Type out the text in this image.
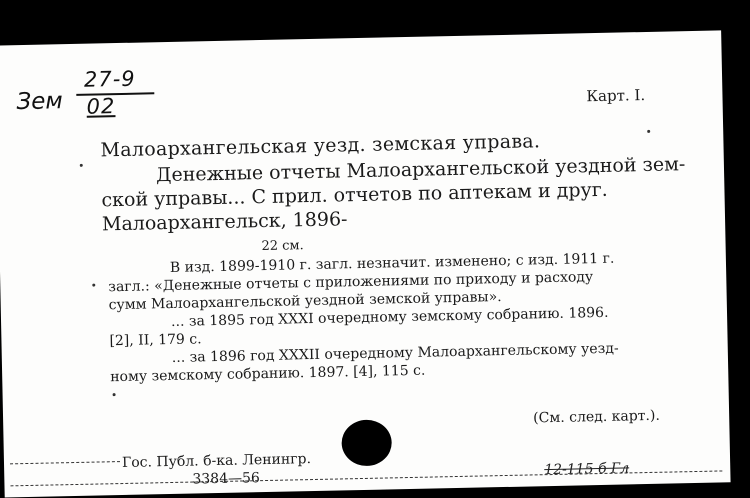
27-9
02
Зем	Карт. I.
Малоархангельская уезд. земская управа.
Денежные отчеты Малоархангельской уездной зем-
ской управы... С прил. отчетов по аптекам и друг.
Малоархангельск, 1896-
22 см.
В изд. 1899-1910 г. загл. незначит. изменено; с изд. 1911 г.
загл.: «Денежные отчеты с приложениями по приходу и расходу
сумм Малоархангельской уездной земской управы».
... за 1895 год XXXI очередному земскому собранию. 1896.
[2], II, 179 с.
... за 1896 год XXXII очередному Малоархангельскому уезд-
ному земскому собранию. 1897. [4], 115 с.
(См. след. карт.).
Гос. Публ. б-ка. Ленингр.
3384—56
12-115 б Гл
